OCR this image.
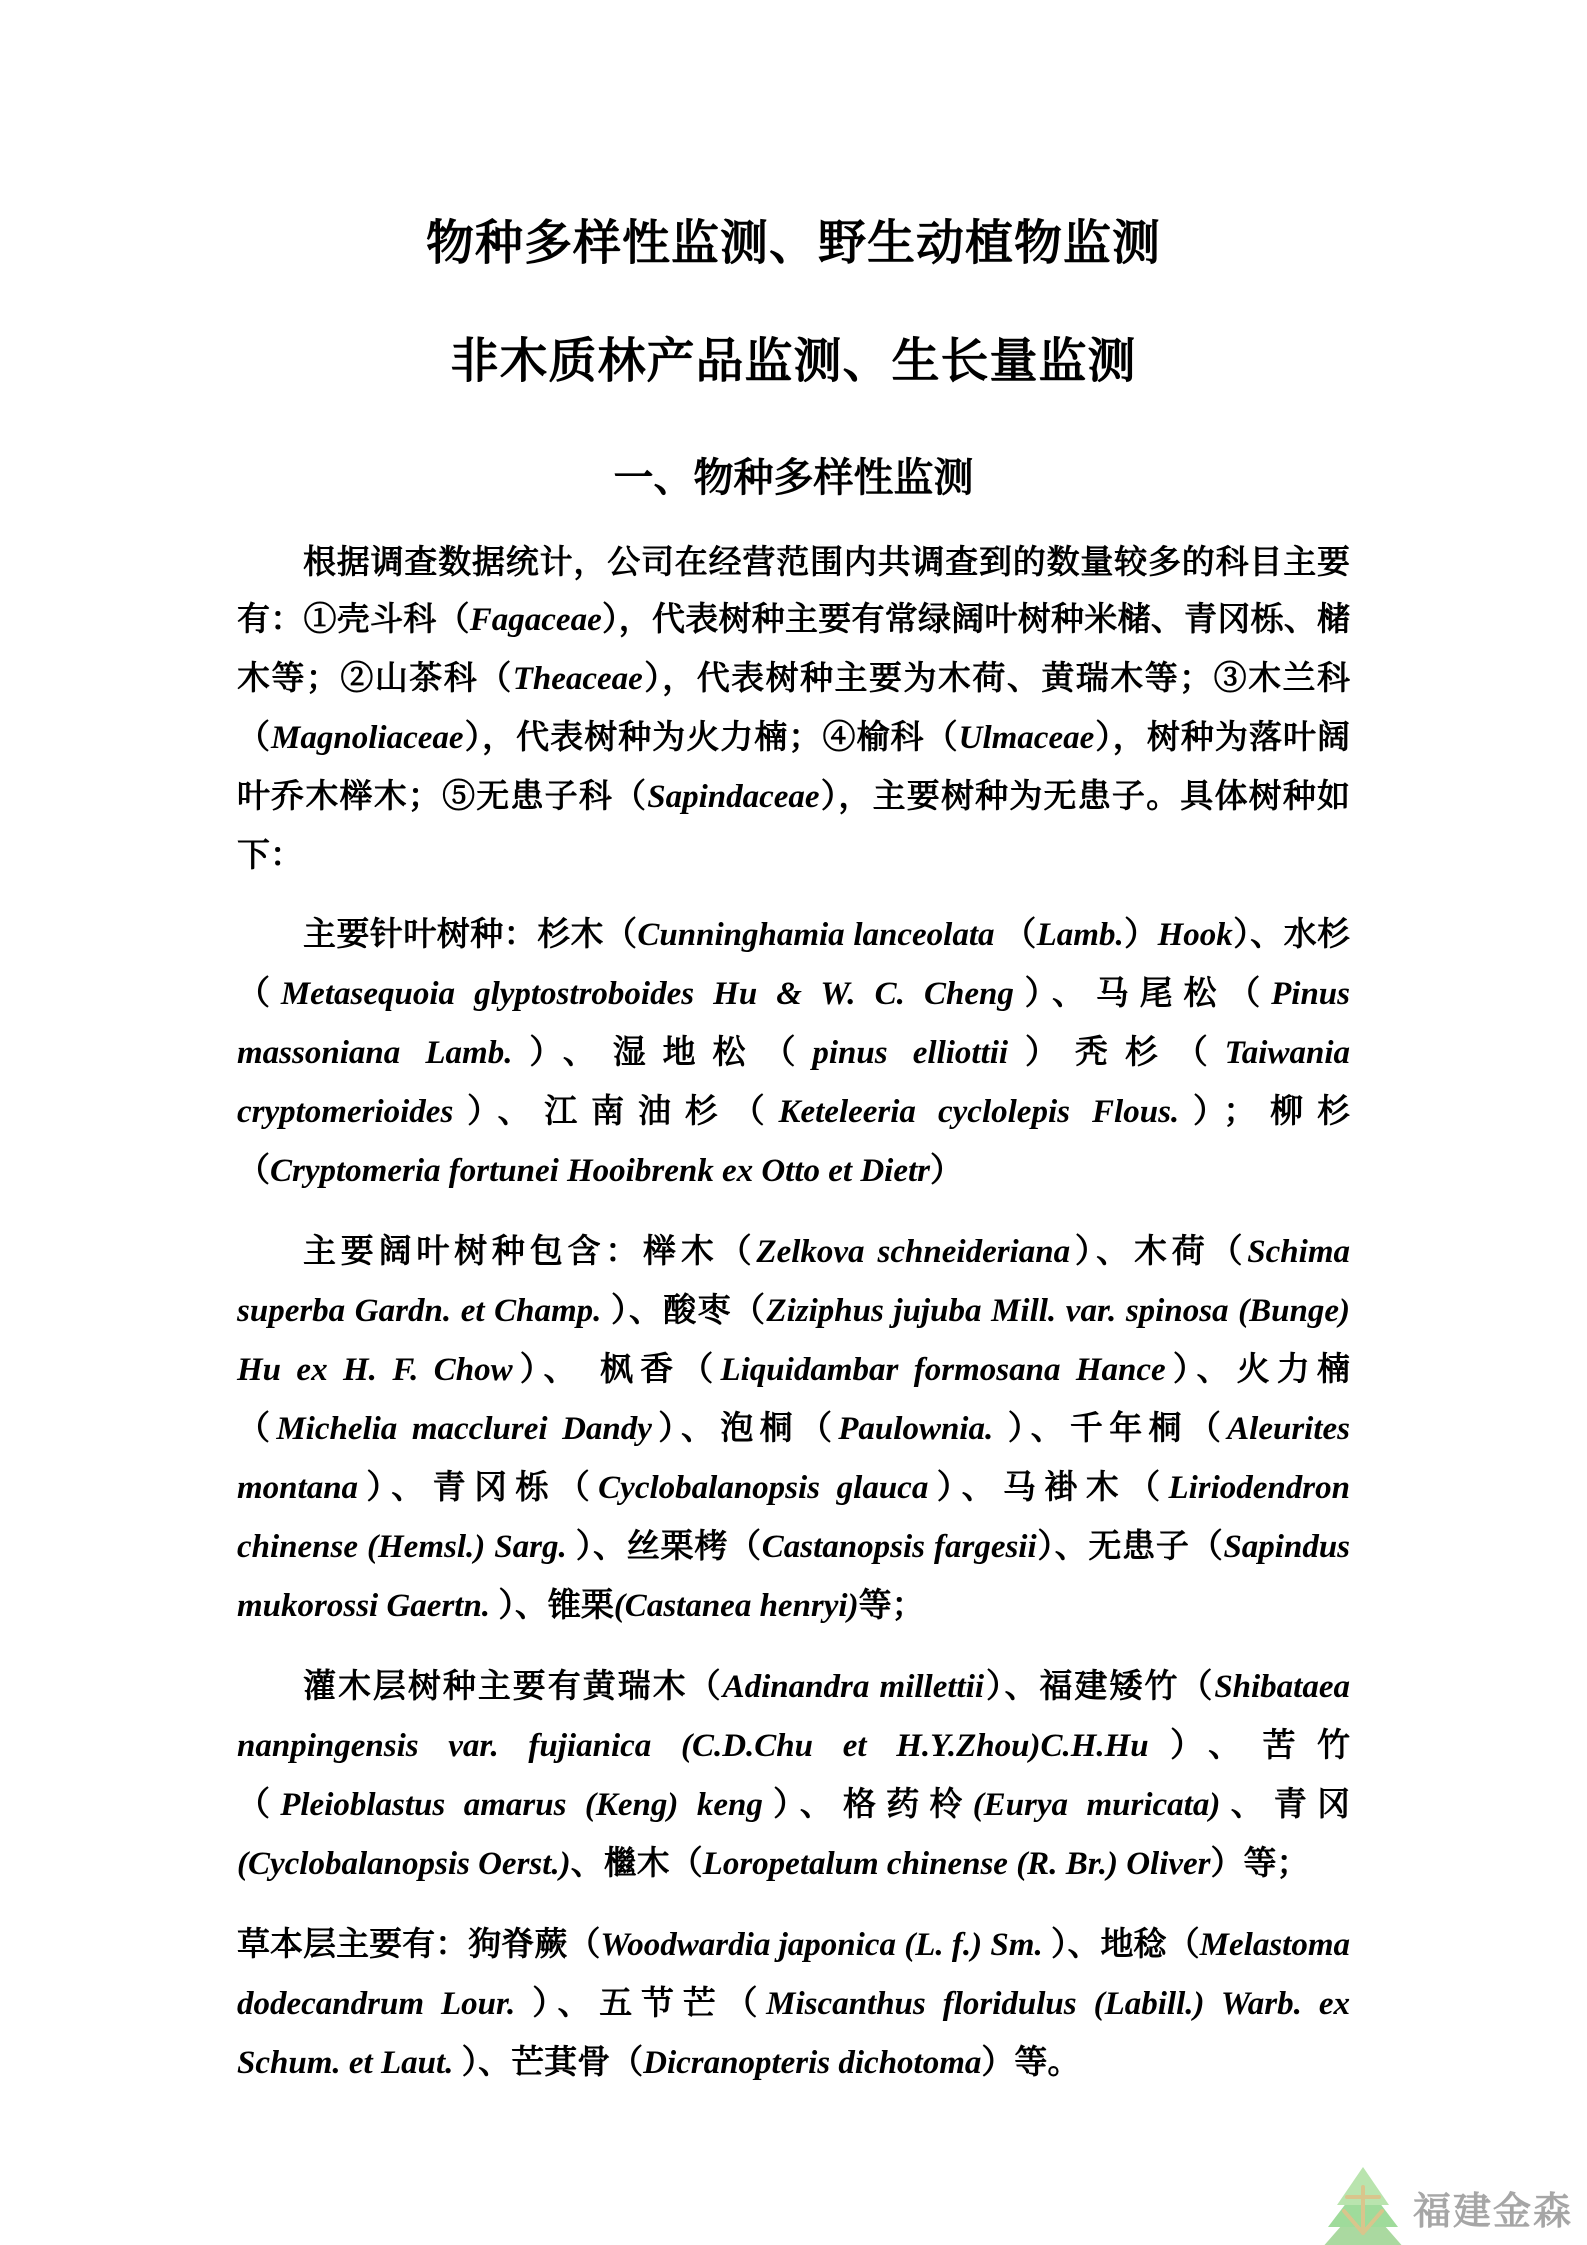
物种多样性监测、野生动植物监测
非木质林产品监测、生长量监测
一、物种多样性监测

根据调查数据统计，公司在经营范围内共调查到的数量较多的科目主要有：①壳斗科（Fagaceae），代表树种主要有常绿阔叶树种米槠、青冈栎、槠木等；②山茶科（Theaceae），代表树种主要为木荷、黄瑞木等；③木兰科（Magnoliaceae），代表树种为火力楠；④榆科（Ulmaceae），树种为落叶阔叶乔木榉木；⑤无患子科（Sapindaceae），主要树种为无患子。具体树种如下：

主要针叶树种：杉木（Cunninghamia lanceolata （Lamb.）Hook）、水杉（Metasequoia glyptostroboides Hu & W. C. Cheng）、马尾松（Pinus massoniana Lamb.）、湿地松（pinus elliottii）秃杉（Taiwania cryptomerioides）、江南油杉（Keteleeria cyclolepis Flous.）；柳杉（Cryptomeria fortunei Hooibrenk ex Otto et Dietr）

主要阔叶树种包含：榉木（Zelkova schneideriana）、木荷（Schima superba Gardn. et Champ. ）、酸枣（Ziziphus jujuba Mill. var. spinosa (Bunge) Hu ex H. F. Chow）、 枫香（Liquidambar formosana Hance）、火力楠（Michelia macclurei Dandy）、泡桐（Paulownia. ）、千年桐（Aleurites montana）、青冈栎（Cyclobalanopsis glauca）、马褂木（Liriodendron chinense (Hemsl.) Sarg. ）、丝栗栲（Castanopsis fargesii）、无患子（Sapindus mukorossi Gaertn. ）、锥栗(Castanea henryi)等；

灌木层树种主要有黄瑞木（Adinandra millettii）、福建矮竹（Shibataea nanpingensis var. fujianica (C.D.Chu et H.Y.Zhou)C.H.Hu）、苦竹（Pleioblastus amarus (Keng) keng）、格药柃(Eurya muricata)、青冈(Cyclobalanopsis Oerst.)、檵木（Loropetalum chinense (R. Br.) Oliver）等；

草本层主要有：狗脊蕨（Woodwardia japonica (L. f.) Sm. ）、地稔（Melastoma dodecandrum Lour. ）、五节芒（Miscanthus floridulus (Labill.) Warb. ex Schum. et Laut. ）、芒萁骨（Dicranopteris dichotoma）等。

福建金森
